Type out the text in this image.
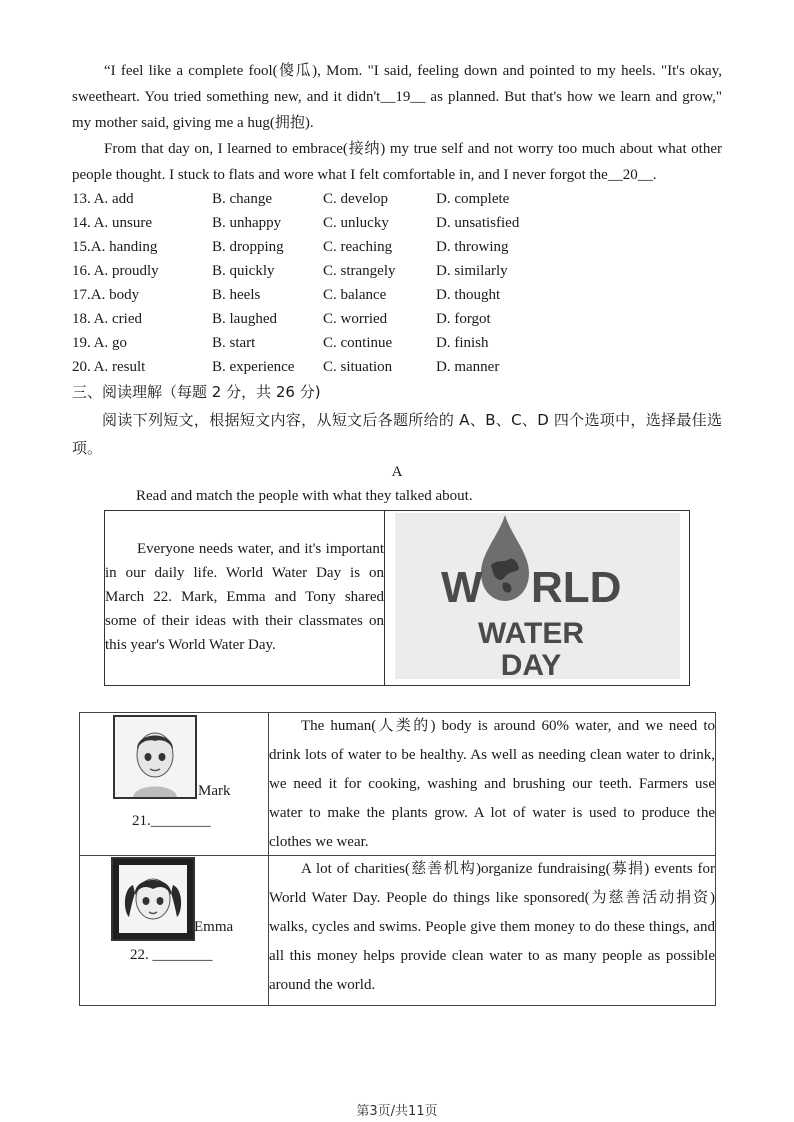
“I feel like a complete fool(傻瓜), Mom. "I said, feeling down and pointed to my heels. "It's okay, sweetheart. You tried something new, and it didn't__19__ as planned. But that's how we learn and grow," my mother said, giving me a hug(拥抱).

From that day on, I learned to embrace(接纳) my true self and not worry too much about what other people thought. I stuck to flats and wore what I felt comfortable in, and I never forgot the__20__.

13. A. add	B. change	C. develop	D. complete
14. A. unsure	B. unhappy	C. unlucky	D. unsatisfied
15.A. handing	B. dropping	C. reaching	D. throwing
16. A. proudly	B. quickly	C. strangely	D. similarly
17.A. body	B. heels	C. balance	D. thought
18. A. cried	B. laughed	C. worried	D. forgot
19. A. go	B. start	C. continue	D. finish
20. A. result	B. experience C. situation	D. manner
三、阅读理解（每题 2 分，共 26 分)

阅读下列短文，根据短文内容，从短文后各题所给的 A、B、C、D 四个选项中，选择最佳选项。

A
Read and match the people with what they talked about.

Everyone needs water, and it's important in our daily life. World Water Day is on March 22. Mark, Emma and Tony shared some of their ideas with their classmates on this year's World Water Day.

W RLD
WATER
DAY
Mark
21.________

The human(人类的) body is around 60% water, and we need to drink lots of water to be healthy. As well as needing clean water to drink, we need it for cooking, washing and brushing our teeth. Farmers use water to make the plants grow. A lot of water is used to produce the clothes we wear.

Emma
22. ________

A lot of charities(慈善机构)organize fundraising(募捐) events for World Water Day. People do things like sponsored(为慈善活动捐资) walks, cycles and swims. People give them money to do these things, and all this money helps provide clean water to as many people as possible around the world.

第3页/共11页
